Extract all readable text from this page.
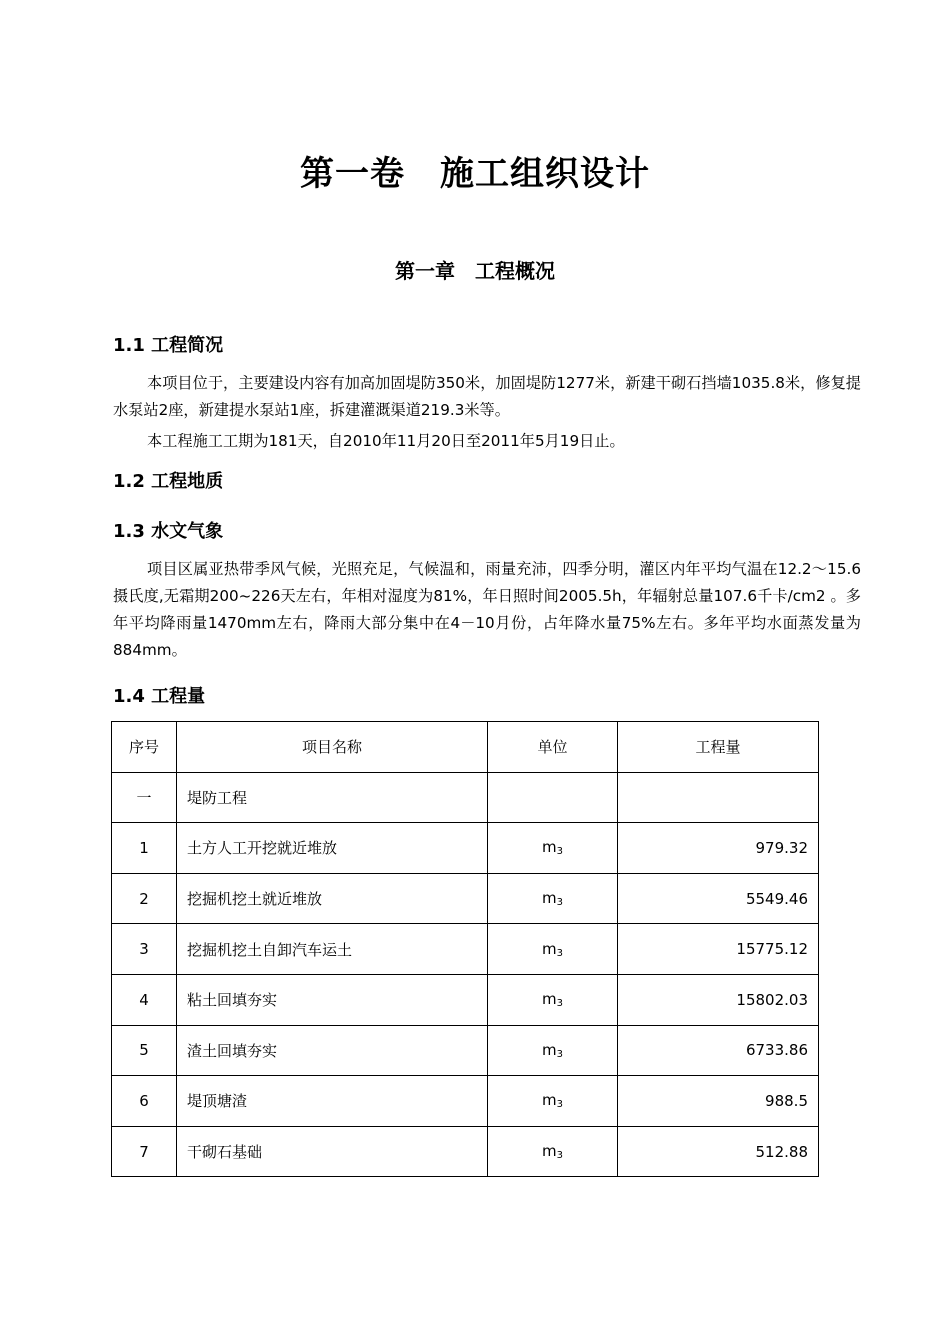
第一卷　施工组织设计
第一章　工程概况
1.1 工程简况

本项目位于，主要建设内容有加高加固堤防350米，加固堤防1277米，新建干砌石挡墙1035.8米，修复提水泵站2座，新建提水泵站1座，拆建灌溉渠道219.3米等。

本工程施工工期为181天，自2010年11月20日至2011年5月19日止。

1.2 工程地质
1.3 水文气象

项目区属亚热带季风气候，光照充足，气候温和，雨量充沛，四季分明，灌区内年平均气温在12.2～15.6摄氏度,无霜期200~226天左右，年相对湿度为81%，年日照时间2005.5h，年辐射总量107.6千卡/cm2 。多年平均降雨量1470mm左右，降雨大部分集中在4－10月份，占年降水量75%左右。多年平均水面蒸发量为884mm。

1.4 工程量
序号	项目名称	单位	工程量
一	堤防工程		
1	土方人工开挖就近堆放	$m_3$	979.32
2	挖掘机挖土就近堆放	$m_3$	5549.46
3	挖掘机挖土自卸汽车运土	$m_3$	15775.12
4	粘土回填夯实	$m_3$	15802.03
5	渣土回填夯实	$m_3$	6733.86
6	堤顶塘渣	$m_3$	988.5
7	干砌石基础	$m_3$	512.88
